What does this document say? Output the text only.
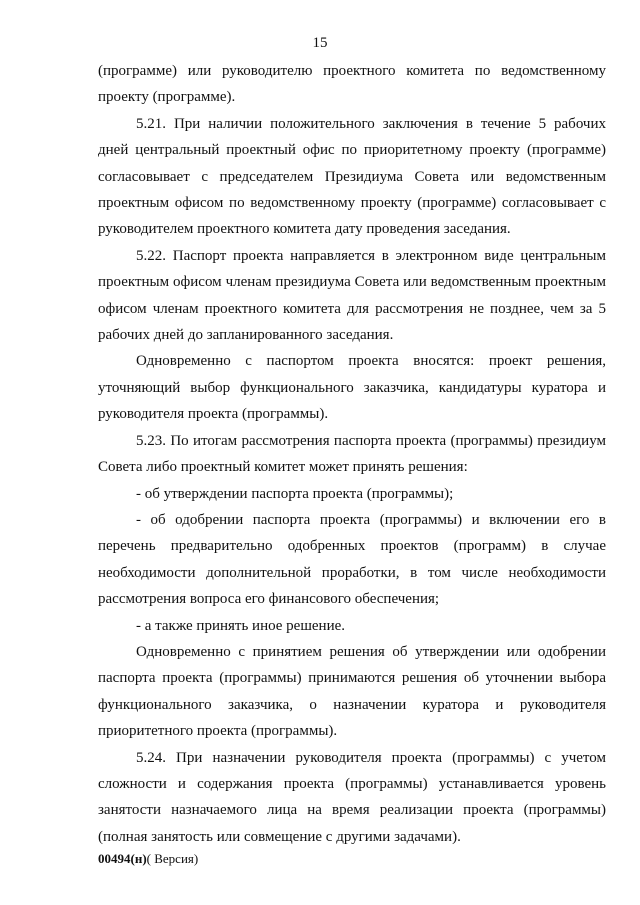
15

(программе) или руководителю проектного комитета по ведомственному проекту (программе).

5.21. При наличии положительного заключения в течение 5 рабочих дней центральный проектный офис по приоритетному проекту (программе) согласовывает с председателем Президиума Совета или ведомственным проектным офисом по ведомственному проекту (программе) согласовывает с руководителем проектного комитета дату проведения заседания.

5.22. Паспорт проекта направляется в электронном виде центральным проектным офисом членам президиума Совета или ведомственным проектным офисом членам проектного комитета для рассмотрения не позднее, чем за 5 рабочих дней до запланированного заседания.

Одновременно с паспортом проекта вносятся: проект решения, уточняющий выбор функционального заказчика, кандидатуры куратора и руководителя проекта (программы).

5.23. По итогам рассмотрения паспорта проекта (программы) президиум Совета либо проектный комитет может принять решения:

- об утверждении паспорта проекта (программы);

- об одобрении паспорта проекта (программы) и включении его в перечень предварительно одобренных проектов (программ) в случае необходимости дополнительной проработки, в том числе необходимости рассмотрения вопроса его финансового обеспечения;

- а также принять иное решение.

Одновременно с принятием решения об утверждении или одобрении паспорта проекта (программы) принимаются решения об уточнении выбора функционального заказчика, о назначении куратора и руководителя приоритетного проекта (программы).

5.24. При назначении руководителя проекта (программы) с учетом сложности и содержания проекта (программы) устанавливается уровень занятости назначаемого лица на время реализации проекта (программы) (полная занятость или совмещение с другими задачами).

00494(н)( Версия)
